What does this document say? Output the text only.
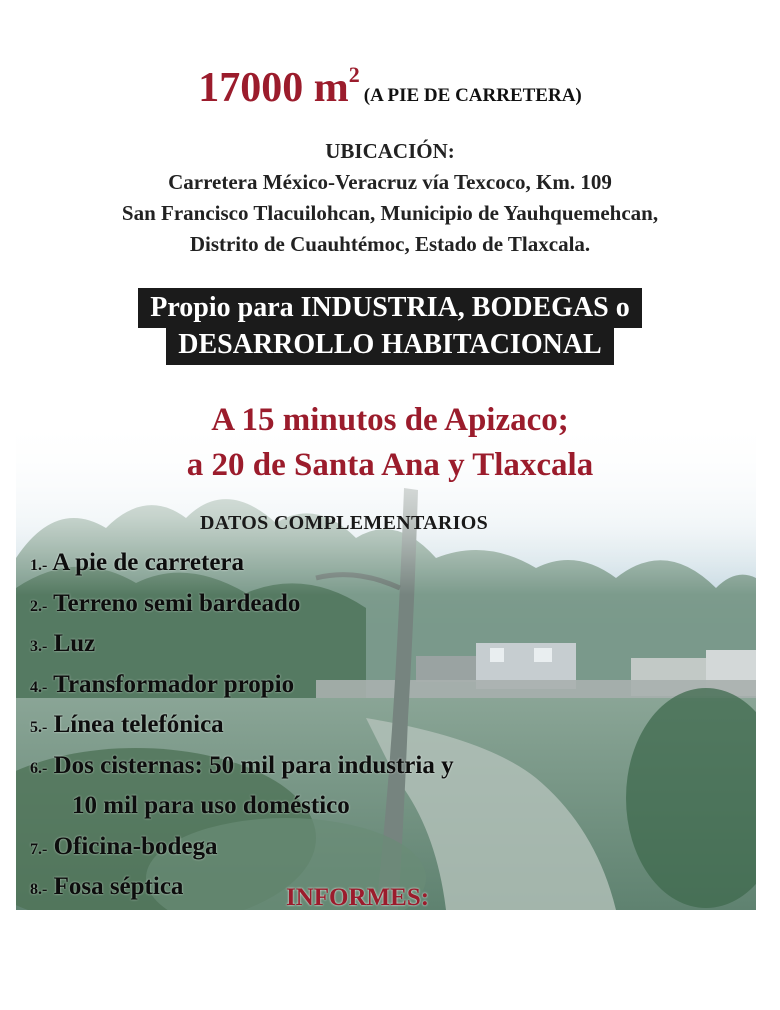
17000 $m^2$ (A PIE DE CARRETERA)
UBICACIÓN:
Carretera México-Veracruz vía Texcoco, Km. 109
San Francisco Tlacuilohcan, Municipio de Yauhquemehcan,
Distrito de Cuauhtémoc, Estado de Tlaxcala.
Propio para INDUSTRIA, BODEGAS o
DESARROLLO HABITACIONAL
A 15 minutos de Apizaco;
a 20 de Santa Ana y Tlaxcala
DATOS COMPLEMENTARIOS
1.- A pie de carretera
2.- Terreno semi bardeado
3.- Luz
4.- Transformador propio
5.- Línea telefónica
6.- Dos cisternas: 50 mil para industria y
10 mil para uso doméstico
7.- Oficina-bodega
8.- Fosa séptica	INFORMES:
